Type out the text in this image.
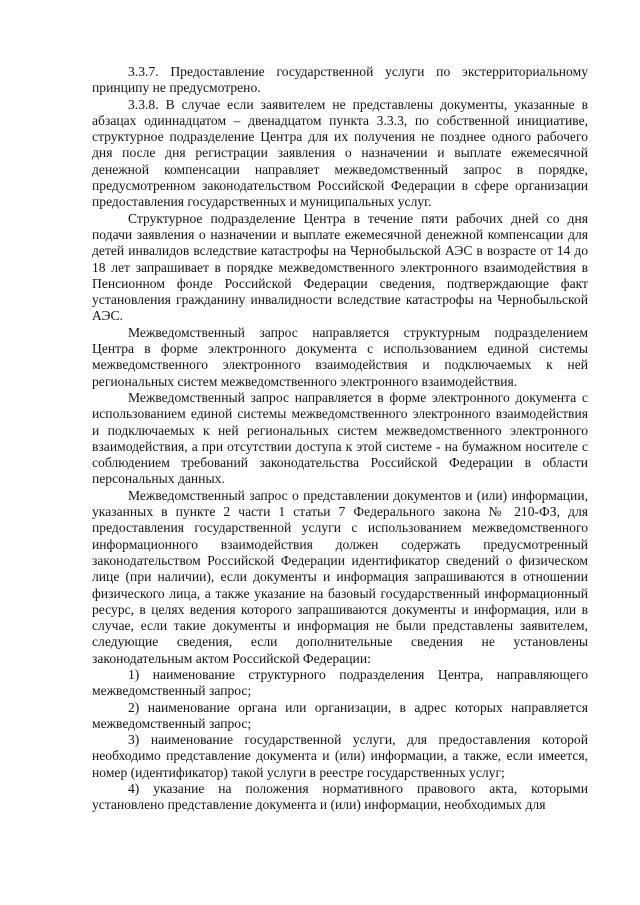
3.3.7. Предоставление государственной услуги по экстерриториальному принципу не предусмотрено.

3.3.8. В случае если заявителем не представлены документы, указанные в абзацах одиннадцатом – двенадцатом пункта 3.3.3, по собственной инициативе, структурное подразделение Центра для их получения не позднее одного рабочего дня после дня регистрации заявления о назначении и выплате ежемесячной денежной компенсации направляет межведомственный запрос в порядке, предусмотренном законодательством Российской Федерации в сфере организации предоставления государственных и муниципальных услуг.

Структурное подразделение Центра в течение пяти рабочих дней со дня подачи заявления о назначении и выплате ежемесячной денежной компенсации для детей инвалидов вследствие катастрофы на Чернобыльской АЭС в возрасте от 14 до 18 лет запрашивает в порядке межведомственного электронного взаимодействия в Пенсионном фонде Российской Федерации сведения, подтверждающие факт установления гражданину инвалидности вследствие катастрофы на Чернобыльской АЭС.

Межведомственный запрос направляется структурным подразделением Центра в форме электронного документа с использованием единой системы межведомственного электронного взаимодействия и подключаемых к ней региональных систем межведомственного электронного взаимодействия.

Межведомственный запрос направляется в форме электронного документа с использованием единой системы межведомственного электронного взаимодействия и подключаемых к ней региональных систем межведомственного электронного взаимодействия, а при отсутствии доступа к этой системе - на бумажном носителе с соблюдением требований законодательства Российской Федерации в области персональных данных.

Межведомственный запрос о представлении документов и (или) информации, указанных в пункте 2 части 1 статьи 7 Федерального закона № 210-ФЗ, для предоставления государственной услуги с использованием межведомственного информационного взаимодействия должен содержать предусмотренный законодательством Российской Федерации идентификатор сведений о физическом лице (при наличии), если документы и информация запрашиваются в отношении физического лица, а также указание на базовый государственный информационный ресурс, в целях ведения которого запрашиваются документы и информация, или в случае, если такие документы и информация не были представлены заявителем, следующие сведения, если дополнительные сведения не установлены законодательным актом Российской Федерации:

1) наименование структурного подразделения Центра, направляющего межведомственный запрос;

2) наименование органа или организации, в адрес которых направляется межведомственный запрос;

3) наименование государственной услуги, для предоставления которой необходимо представление документа и (или) информации, а также, если имеется, номер (идентификатор) такой услуги в реестре государственных услуг;

4) указание на положения нормативного правового акта, которыми установлено представление документа и (или) информации, необходимых для
